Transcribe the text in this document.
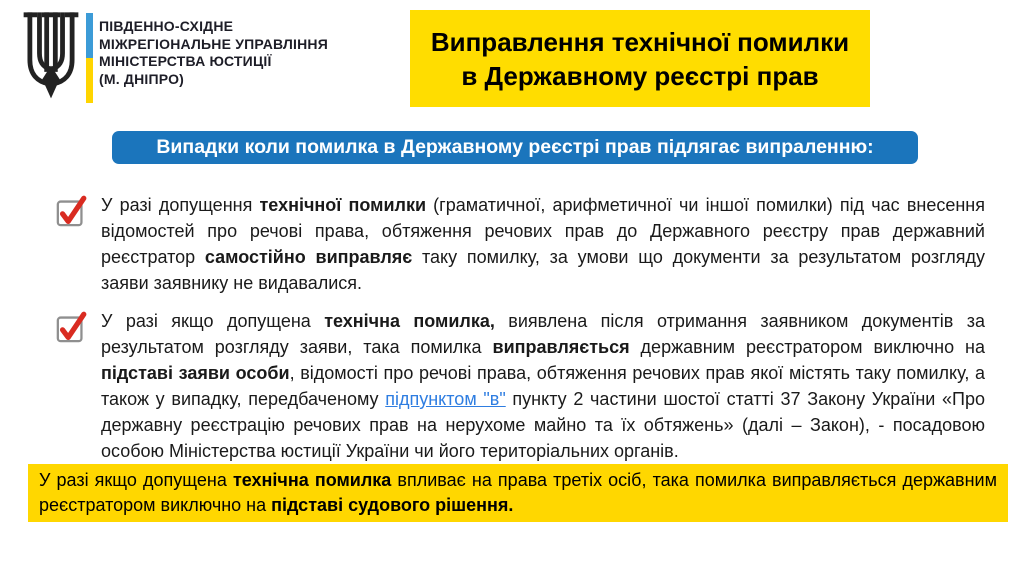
ПІВДЕННО-СХІДНЕ
МІЖРЕГІОНАЛЬНЕ УПРАВЛІННЯ
МІНІСТЕРСТВА ЮСТИЦІЇ
(М. ДНІПРО)
Виправлення технічної помилки
в Державному реєстрі прав
Випадки коли помилка в Державному реєстрі прав підлягає випраленню:

У разі допущення технічної помилки (граматичної, арифметичної чи іншої помилки) під час внесення відомостей про речові права, обтяження речових прав до Державного реєстру прав державний реєстратор самостійно виправляє таку помилку, за умови що документи за результатом розгляду заяви заявнику не видавалися.

У разі якщо допущена технічна помилка, виявлена після отримання заявником документів за результатом розгляду заяви, така помилка виправляється державним реєстратором виключно на підставі заяви особи, відомості про речові права, обтяження речових прав якої містять таку помилку, а також у випадку, передбаченому підпунктом "в" пункту 2 частини шостої статті 37 Закону України «Про державну реєстрацію речових прав на нерухоме майно та їх обтяжень» (далі – Закон), - посадовою особою Міністерства юстиції України чи його територіальних органів.

У разі якщо допущена технічна помилка впливає на права третіх осіб, така помилка виправляється державним реєстратором виключно на підставі судового рішення.
